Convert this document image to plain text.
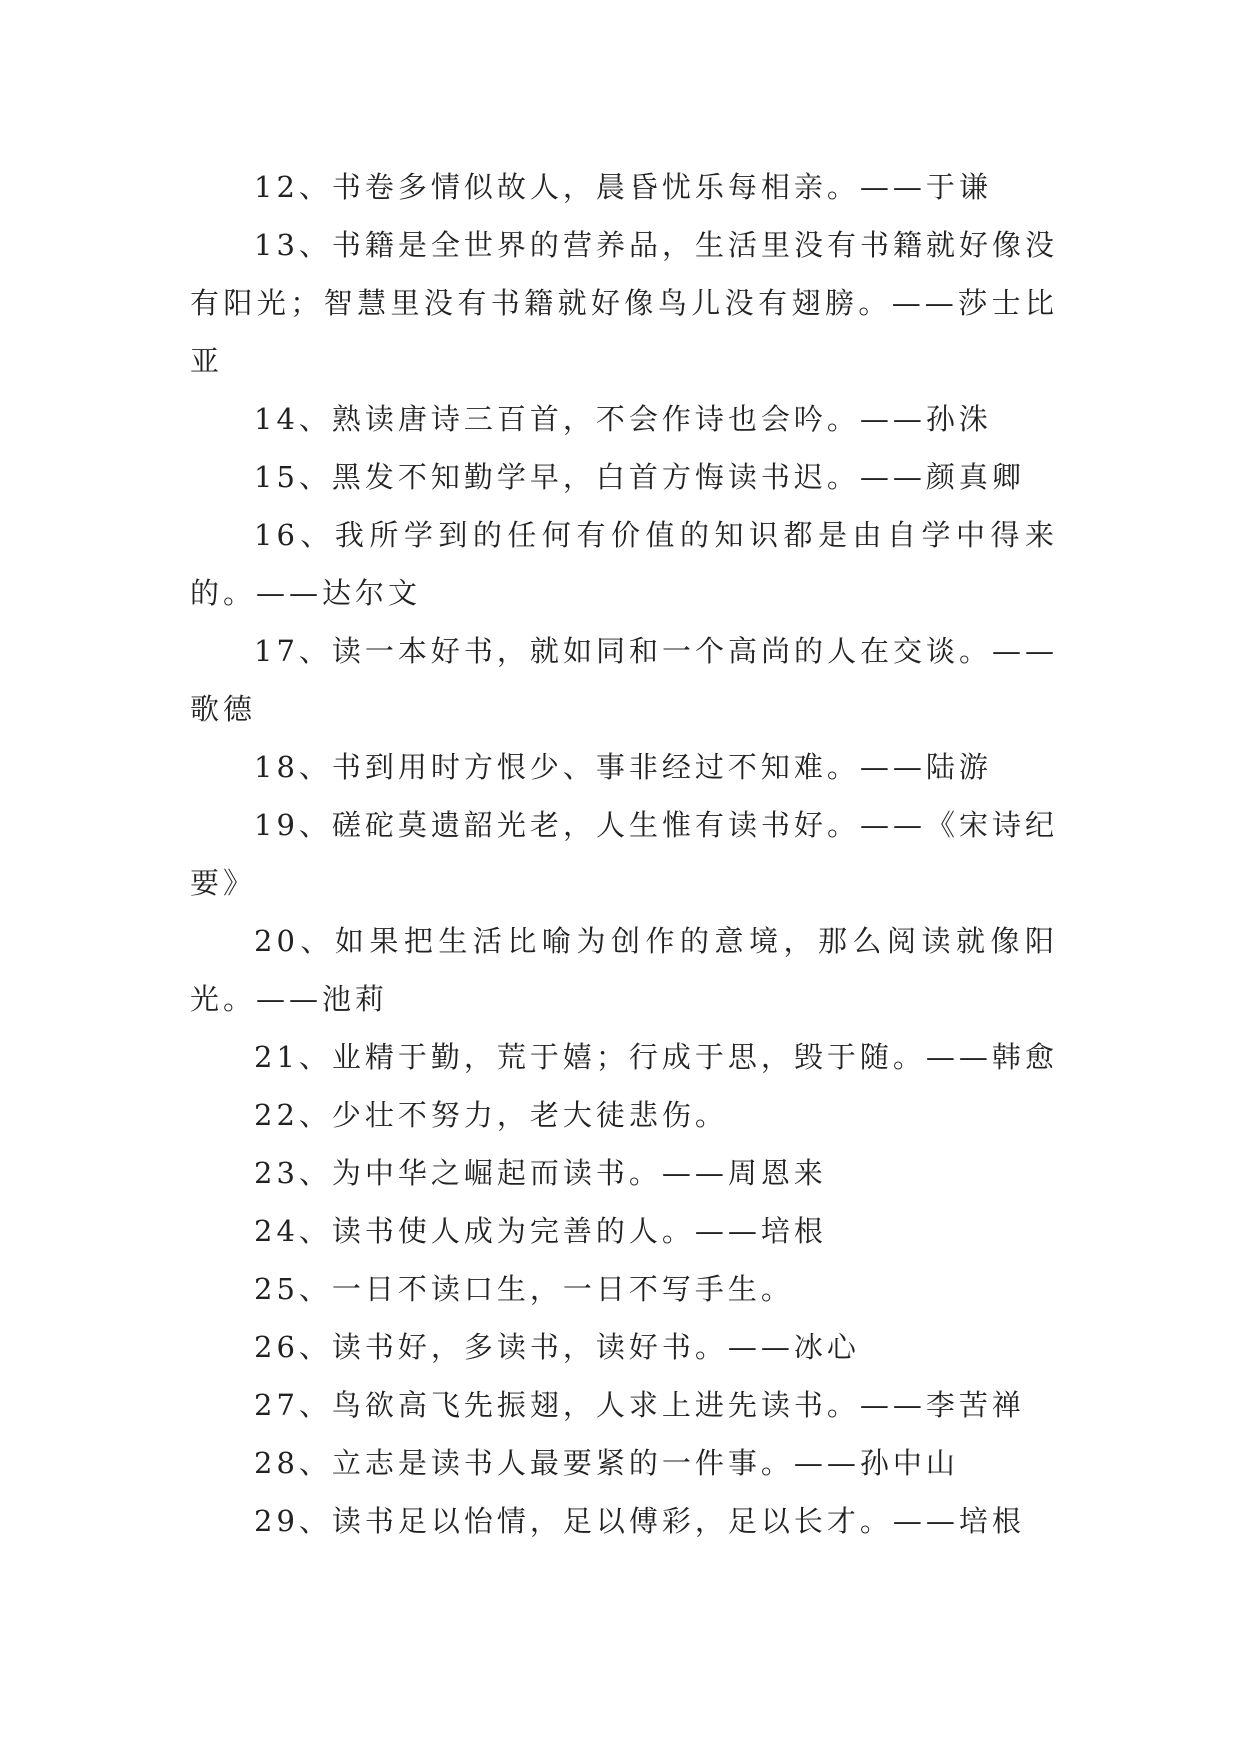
12、书卷多情似故人，晨昏忧乐每相亲。——于谦

13、书籍是全世界的营养品，生活里没有书籍就好像没有阳光；智慧里没有书籍就好像鸟儿没有翅膀。——莎士比亚

14、熟读唐诗三百首，不会作诗也会吟。——孙洙

15、黑发不知勤学早，白首方悔读书迟。——颜真卿

16、我所学到的任何有价值的知识都是由自学中得来的。——达尔文

17、读一本好书，就如同和一个高尚的人在交谈。——歌德

18、书到用时方恨少、事非经过不知难。——陆游

19、磋砣莫遗韶光老，人生惟有读书好。——《宋诗纪要》

20、如果把生活比喻为创作的意境，那么阅读就像阳光。——池莉

21、业精于勤，荒于嬉；行成于思，毁于随。——韩愈

22、少壮不努力，老大徒悲伤。

23、为中华之崛起而读书。——周恩来

24、读书使人成为完善的人。——培根

25、一日不读口生，一日不写手生。

26、读书好，多读书，读好书。——冰心

27、鸟欲高飞先振翅，人求上进先读书。——李苦禅

28、立志是读书人最要紧的一件事。——孙中山

29、读书足以怡情，足以傅彩，足以长才。——培根
